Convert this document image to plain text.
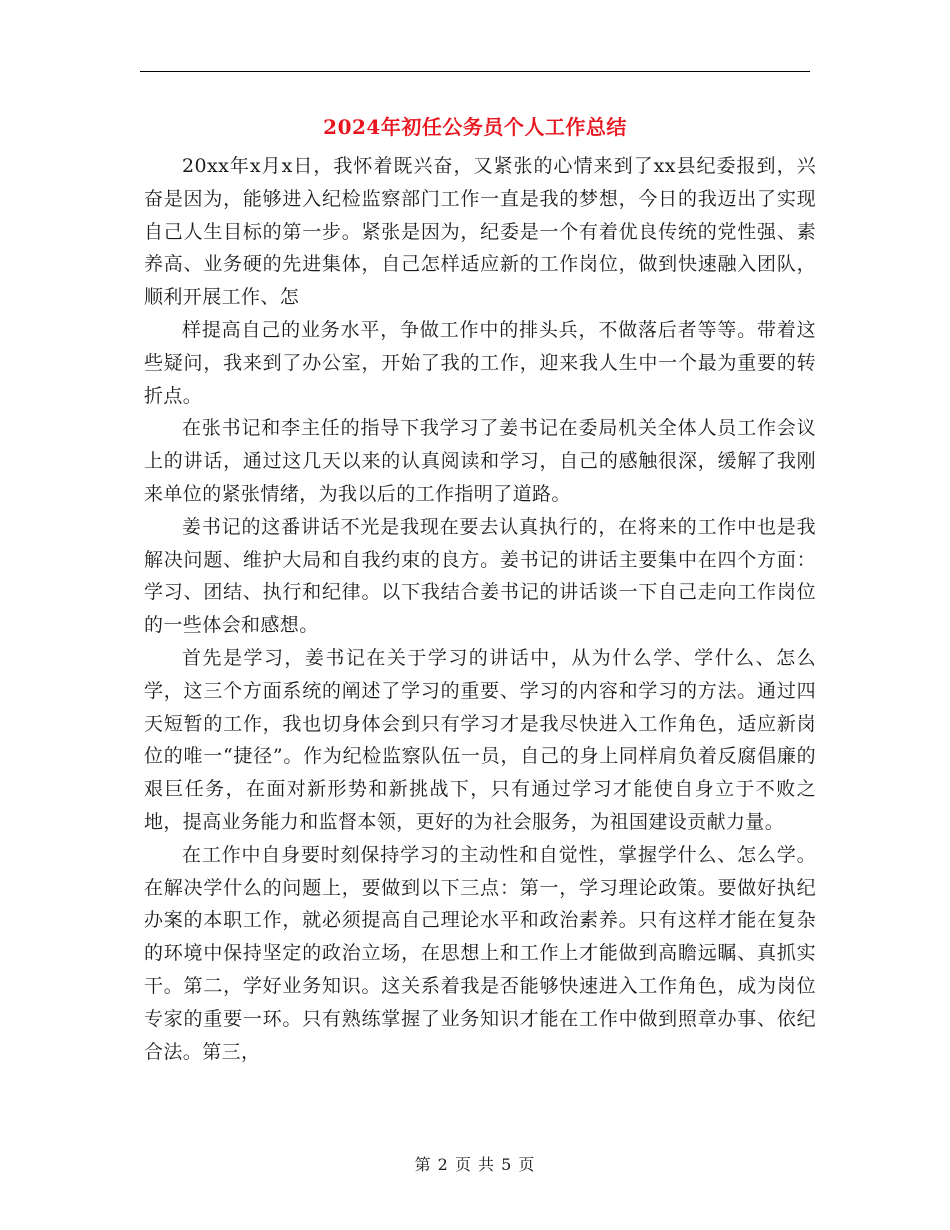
2024年初任公务员个人工作总结

20xx年x月x日，我怀着既兴奋，又紧张的心情来到了xx县纪委报到，兴奋是因为，能够进入纪检监察部门工作一直是我的梦想，今日的我迈出了实现自己人生目标的第一步。紧张是因为，纪委是一个有着优良传统的党性强、素养高、业务硬的先进集体，自己怎样适应新的工作岗位，做到快速融入团队，顺利开展工作、怎

样提高自己的业务水平，争做工作中的排头兵，不做落后者等等。带着这些疑问，我来到了办公室，开始了我的工作，迎来我人生中一个最为重要的转折点。

在张书记和李主任的指导下我学习了姜书记在委局机关全体人员工作会议上的讲话，通过这几天以来的认真阅读和学习，自己的感触很深，缓解了我刚来单位的紧张情绪，为我以后的工作指明了道路。

姜书记的这番讲话不光是我现在要去认真执行的，在将来的工作中也是我解决问题、维护大局和自我约束的良方。姜书记的讲话主要集中在四个方面：学习、团结、执行和纪律。以下我结合姜书记的讲话谈一下自己走向工作岗位的一些体会和感想。

首先是学习，姜书记在关于学习的讲话中，从为什么学、学什么、怎么学，这三个方面系统的阐述了学习的重要、学习的内容和学习的方法。通过四天短暂的工作，我也切身体会到只有学习才是我尽快进入工作角色，适应新岗位的唯一“捷径”。作为纪检监察队伍一员，自己的身上同样肩负着反腐倡廉的艰巨任务，在面对新形势和新挑战下，只有通过学习才能使自身立于不败之地，提高业务能力和监督本领，更好的为社会服务，为祖国建设贡献力量。

在工作中自身要时刻保持学习的主动性和自觉性，掌握学什么、怎么学。在解决学什么的问题上，要做到以下三点：第一，学习理论政策。要做好执纪办案的本职工作，就必须提高自己理论水平和政治素养。只有这样才能在复杂的环境中保持坚定的政治立场，在思想上和工作上才能做到高瞻远瞩、真抓实干。第二，学好业务知识。这关系着我是否能够快速进入工作角色，成为岗位专家的重要一环。只有熟练掌握了业务知识才能在工作中做到照章办事、依纪合法。第三，

第 2 页 共 5 页
